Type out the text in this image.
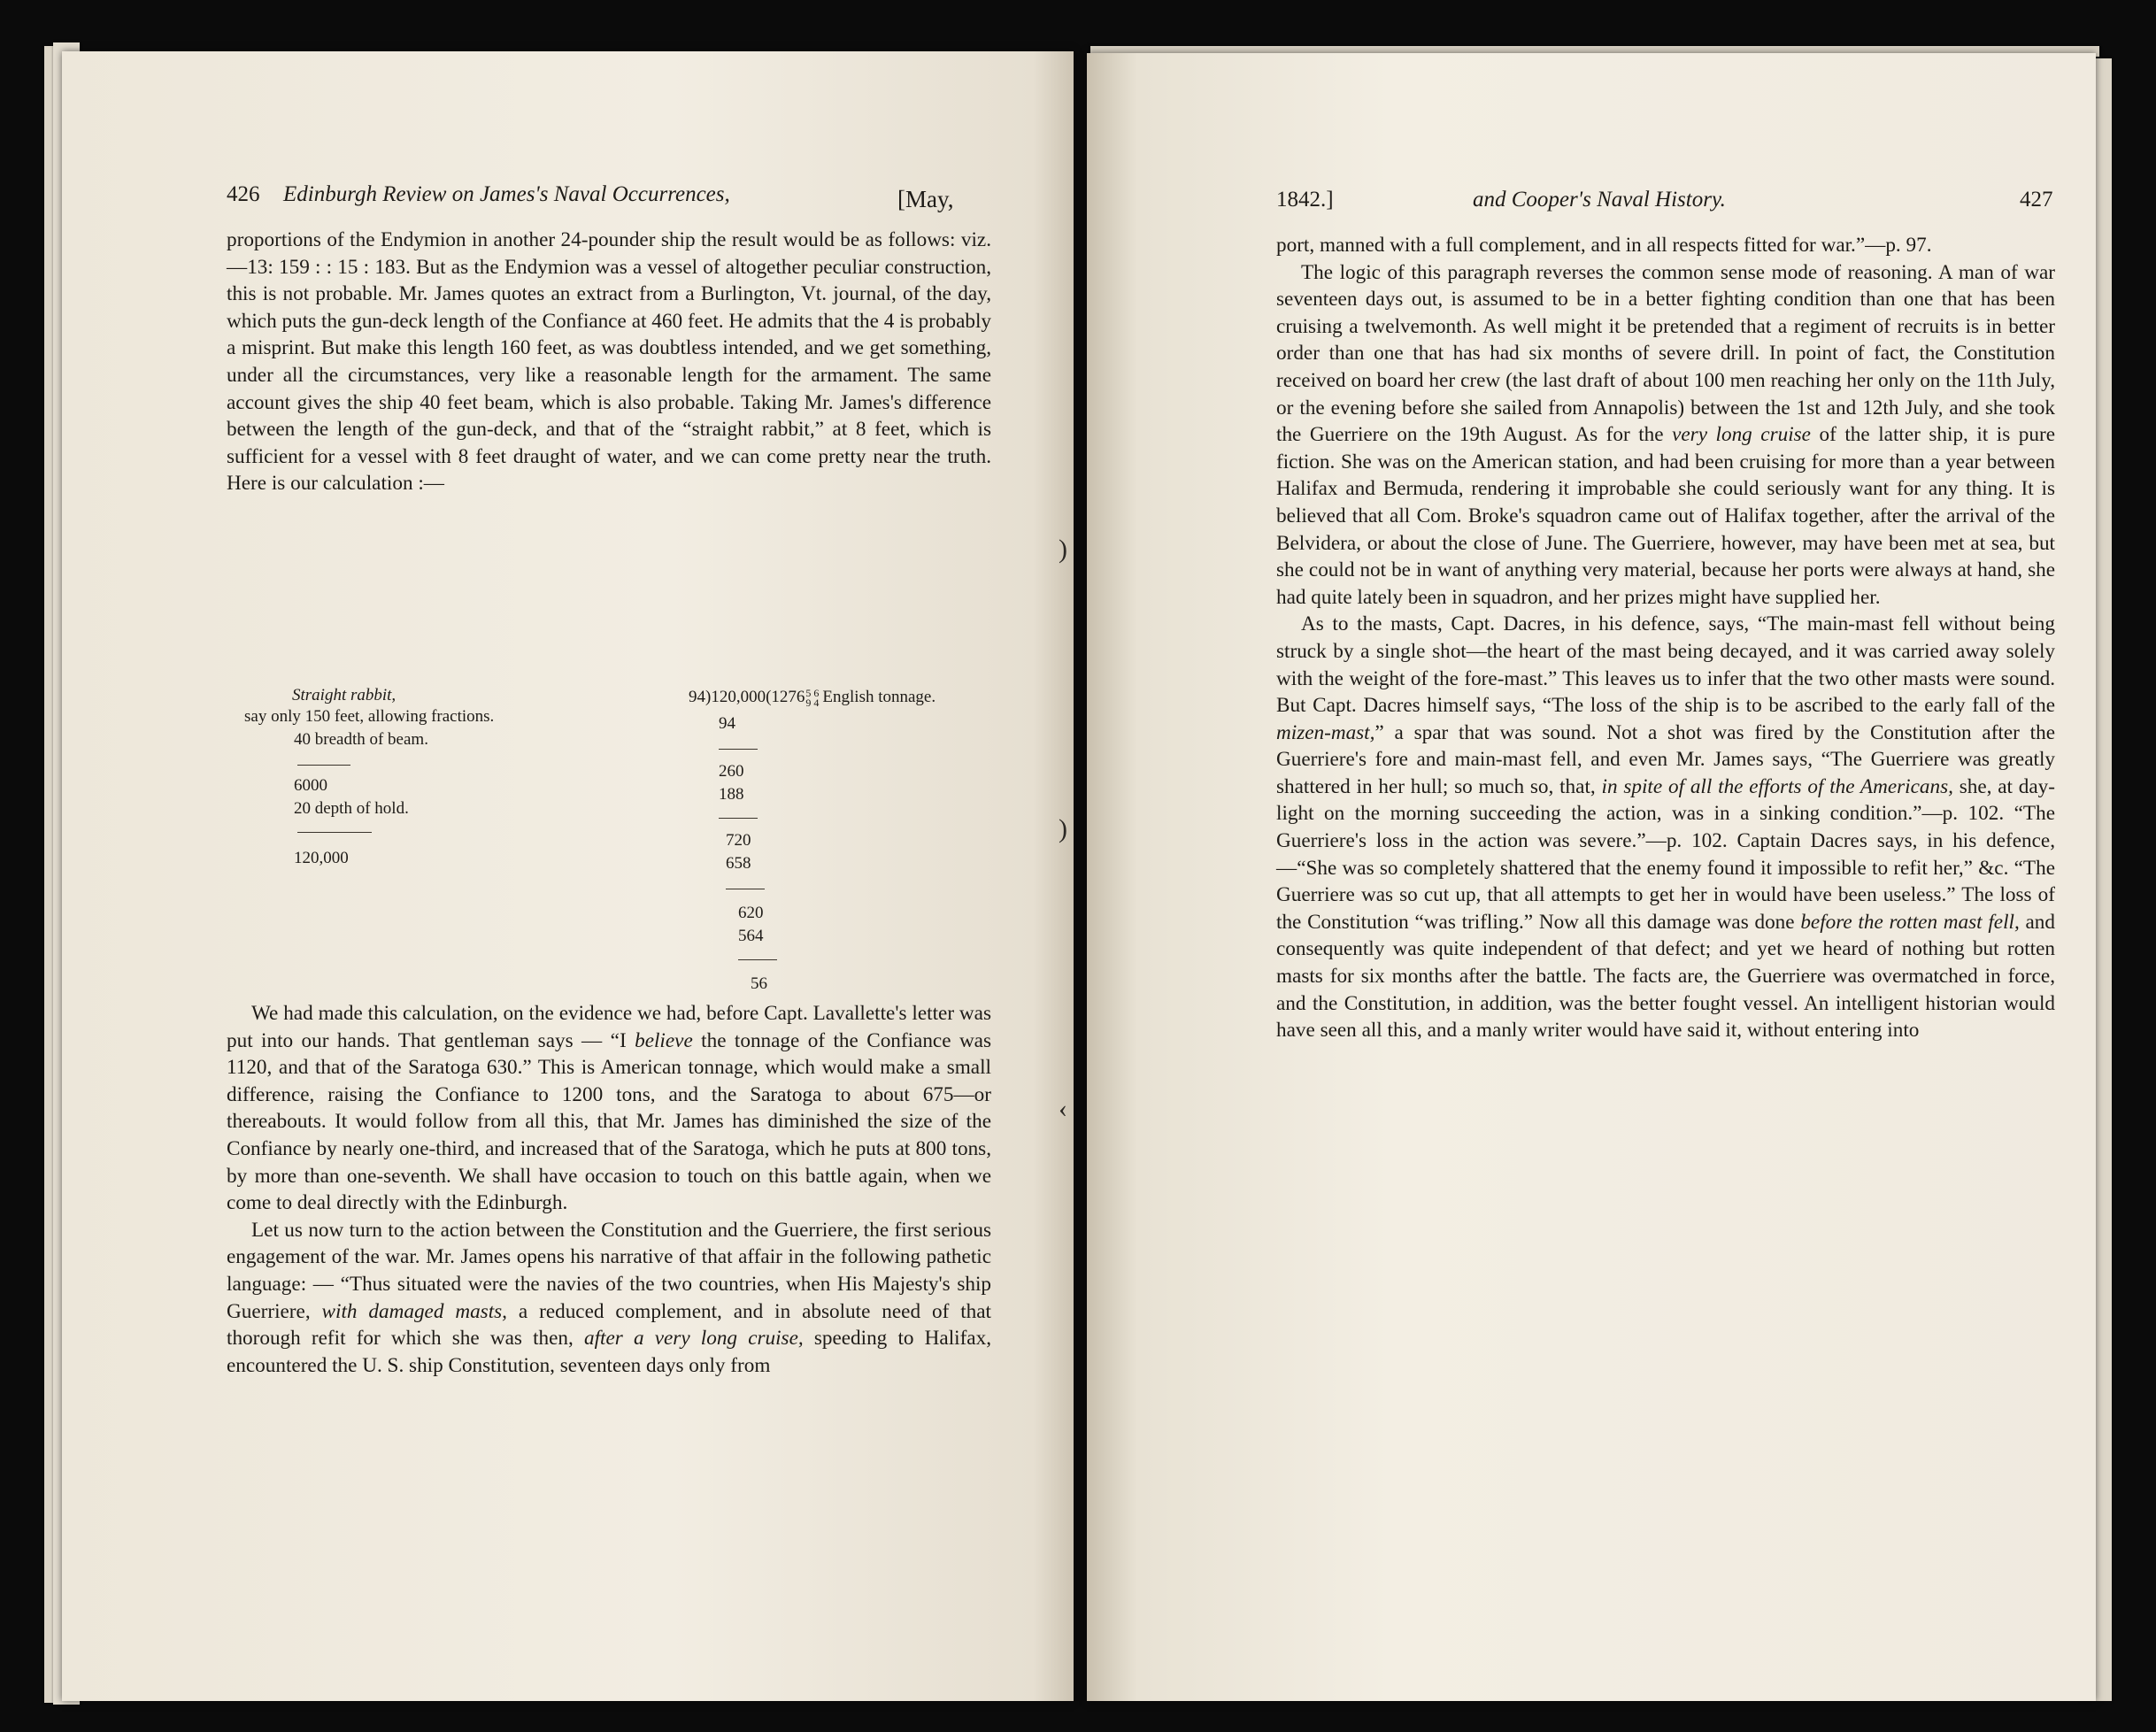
426 Edinburgh Review on James's Naval Occurrences,	[May,

proportions of the Endymion in another 24-pounder ship the result would be as follows: viz.—13: 159 : : 15 : 183. But as the Endymion was a vessel of altogether peculiar construction, this is not probable. Mr. James quotes an extract from a Burlington, Vt. journal, of the day, which puts the gun-deck length of the Confiance at 460 feet. He admits that the 4 is probably a misprint. But make this length 160 feet, as was doubtless intended, and we get something, under all the circumstances, very like a reasonable length for the armament. The same account gives the ship 40 feet beam, which is also probable. Taking Mr. James's difference between the length of the gun-deck, and that of the “straight rabbit,” at 8 feet, which is sufficient for a vessel with 8 feet draught of water, and we can come pretty near the truth. Here is our calculation :—

Straight rabbit,
say only 150 feet, allowing fractions.
40 breadth of beam.
6000
20 depth of hold.
120,000
94)120,000(1276 5 6
9 4 English tonnage.
94
260
188
720
658
620
564
56

We had made this calculation, on the evidence we had, before Capt. Lavallette's letter was put into our hands. That gentleman says — “I believe the tonnage of the Confiance was 1120, and that of the Saratoga 630.” This is American tonnage, which would make a small difference, raising the Confiance to 1200 tons, and the Saratoga to about 675—or thereabouts. It would follow from all this, that Mr. James has diminished the size of the Confiance by nearly one-third, and increased that of the Saratoga, which he puts at 800 tons, by more than one-seventh. We shall have occasion to touch on this battle again, when we come to deal directly with the Edinburgh.

Let us now turn to the action between the Constitution and the Guerriere, the first serious engagement of the war. Mr. James opens his narrative of that affair in the following pathetic language: — “Thus situated were the navies of the two countries, when His Majesty's ship Guerriere, with damaged masts, a reduced complement, and in absolute need of that thorough refit for which she was then, after a very long cruise, speeding to Halifax, encountered the U. S. ship Constitution, seventeen days only from

)
)
‹
1842.]	and Cooper's Naval History.	427

port, manned with a full complement, and in all respects fitted for war.”—p. 97.

The logic of this paragraph reverses the common sense mode of reasoning. A man of war seventeen days out, is assumed to be in a better fighting condition than one that has been cruising a twelvemonth. As well might it be pretended that a regiment of recruits is in better order than one that has had six months of severe drill. In point of fact, the Constitution received on board her crew (the last draft of about 100 men reaching her only on the 11th July, or the evening before she sailed from Annapolis) between the 1st and 12th July, and she took the Guerriere on the 19th August. As for the very long cruise of the latter ship, it is pure fiction. She was on the American station, and had been cruising for more than a year between Halifax and Bermuda, rendering it improbable she could seriously want for any thing. It is believed that all Com. Broke's squadron came out of Halifax together, after the arrival of the Belvidera, or about the close of June. The Guerriere, however, may have been met at sea, but she could not be in want of anything very material, because her ports were always at hand, she had quite lately been in squadron, and her prizes might have supplied her.

As to the masts, Capt. Dacres, in his defence, says, “The main-mast fell without being struck by a single shot—the heart of the mast being decayed, and it was carried away solely with the weight of the fore-mast.” This leaves us to infer that the two other masts were sound. But Capt. Dacres himself says, “The loss of the ship is to be ascribed to the early fall of the mizen-mast,” a spar that was sound. Not a shot was fired by the Constitution after the Guerriere's fore and main-mast fell, and even Mr. James says, “The Guerriere was greatly shattered in her hull; so much so, that, in spite of all the efforts of the Americans, she, at day-light on the morning succeeding the action, was in a sinking condition.”—p. 102. “The Guerriere's loss in the action was severe.”—p. 102. Captain Dacres says, in his defence,—“She was so completely shattered that the enemy found it impossible to refit her,” &c. “The Guerriere was so cut up, that all attempts to get her in would have been useless.” The loss of the Constitution “was trifling.” Now all this damage was done before the rotten mast fell, and consequently was quite independent of that defect; and yet we heard of nothing but rotten masts for six months after the battle. The facts are, the Guerriere was overmatched in force, and the Constitution, in addition, was the better fought vessel. An intelligent historian would have seen all this, and a manly writer would have said it, without entering into
